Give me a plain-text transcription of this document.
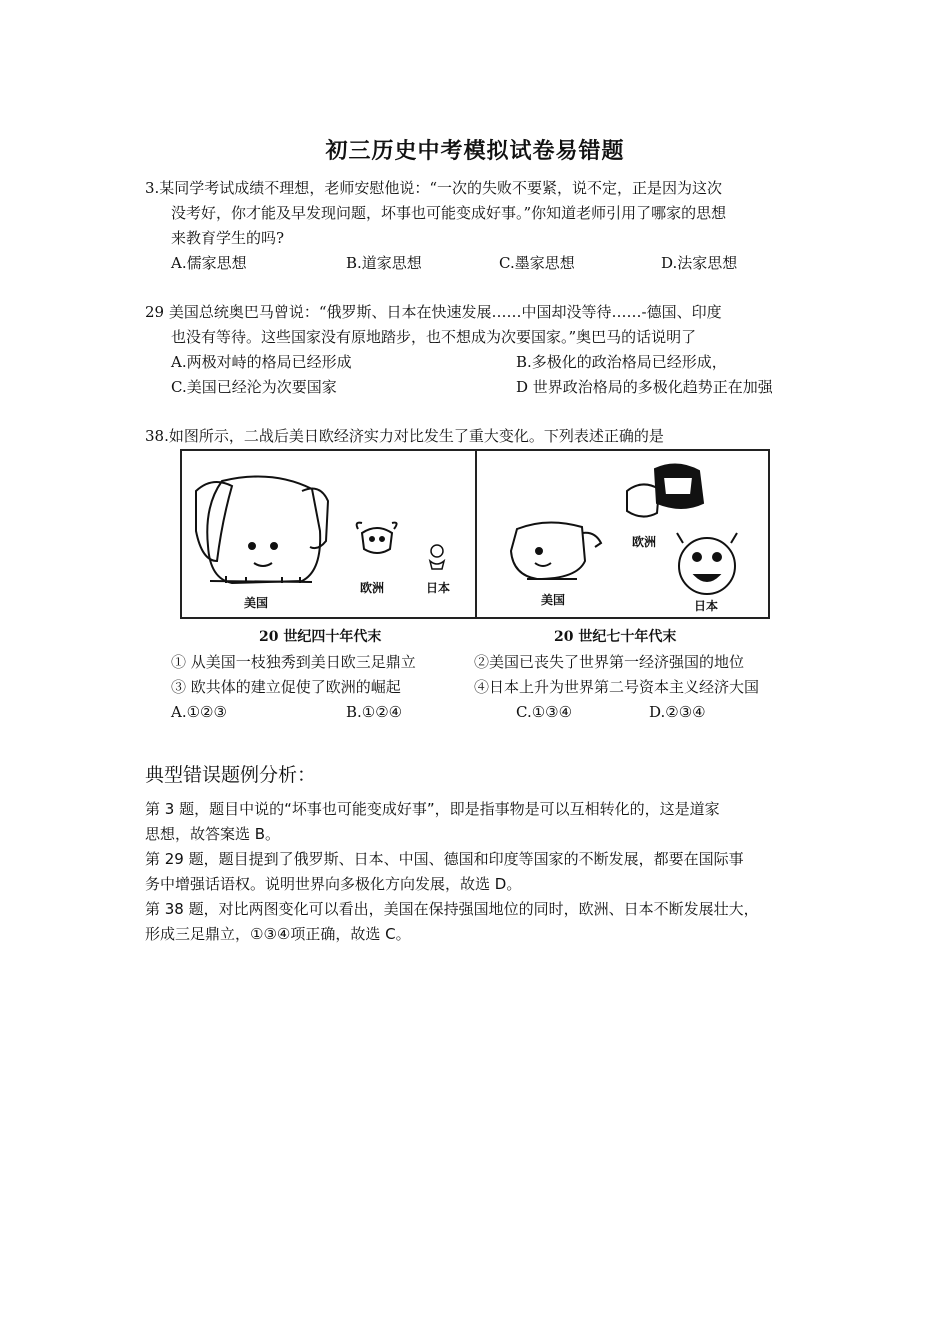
初三历史中考模拟试卷易错题
3.某同学考试成绩不理想，老师安慰他说：“一次的失败不要紧，说不定，正是因为这次
没考好，你才能及早发现问题，坏事也可能变成好事。”你知道老师引用了哪家的思想
来教育学生的吗?
A.儒家思想	B.道家思想	C.墨家思想	D.法家思想
29 美国总统奥巴马曾说：“俄罗斯、日本在快速发展……中国却没等待……-德国、印度
也没有等待。这些国家没有原地踏步，也不想成为次要国家。”奥巴马的话说明了
A.两极对峙的格局已经形成	B.多极化的政治格局已经形成，
C.美国已经沦为次要国家	D 世界政治格局的多极化趋势正在加强
38.如图所示，二战后美日欧经济实力对比发生了重大变化。下列表述正确的是
美国
欧洲	日本
欧洲
美国	日本
20 世纪四十年代末	20 世纪七十年代末
① 从美国一枝独秀到美日欧三足鼎立	②美国已丧失了世界第一经济强国的地位
③ 欧共体的建立促使了欧洲的崛起	④日本上升为世界第二号资本主义经济大国
A.①②③	B.①②④	C.①③④	D.②③④
典型错误题例分析：
第 3 题，题目中说的“坏事也可能变成好事”，即是指事物是可以互相转化的，这是道家
思想，故答案选 B。
第 29 题，题目提到了俄罗斯、日本、中国、德国和印度等国家的不断发展，都要在国际事
务中增强话语权。说明世界向多极化方向发展，故选 D。
第 38 题，对比两图变化可以看出，美国在保持强国地位的同时，欧洲、日本不断发展壮大，
形成三足鼎立，①③④项正确，故选 C。
